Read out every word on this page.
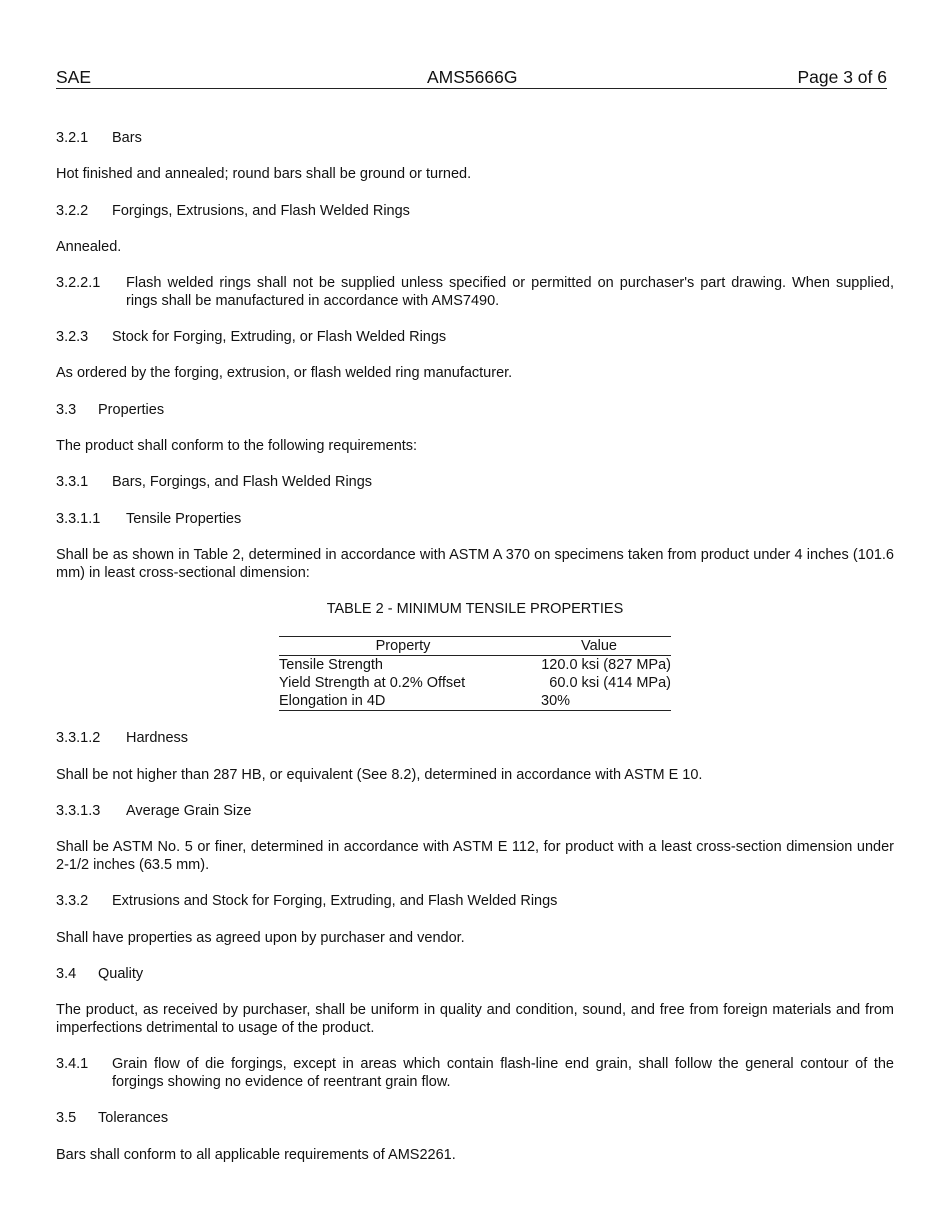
SAE	AMS5666G	Page 3 of 6
3.2.1 Bars
Hot finished and annealed; round bars shall be ground or turned.
3.2.2 Forgings, Extrusions, and Flash Welded Rings
Annealed.
3.2.2.1 Flash welded rings shall not be supplied unless specified or permitted on purchaser's part drawing. When supplied, rings shall be manufactured in accordance with AMS7490.
3.2.3 Stock for Forging, Extruding, or Flash Welded Rings
As ordered by the forging, extrusion, or flash welded ring manufacturer.
3.3 Properties
The product shall conform to the following requirements:
3.3.1 Bars, Forgings, and Flash Welded Rings
3.3.1.1 Tensile Properties
Shall be as shown in Table 2, determined in accordance with ASTM A 370 on specimens taken from product under 4 inches (101.6 mm) in least cross-sectional dimension:
TABLE 2 - MINIMUM TENSILE PROPERTIES
Property	Value
Tensile Strength	120.0 ksi (827 MPa)
Yield Strength at 0.2% Offset	60.0 ksi (414 MPa)
Elongation in 4D	30%
3.3.1.2 Hardness
Shall be not higher than 287 HB, or equivalent (See 8.2), determined in accordance with ASTM E 10.
3.3.1.3 Average Grain Size
Shall be ASTM No. 5 or finer, determined in accordance with ASTM E 112, for product with a least cross-section dimension under 2-1/2 inches (63.5 mm).
3.3.2 Extrusions and Stock for Forging, Extruding, and Flash Welded Rings
Shall have properties as agreed upon by purchaser and vendor.
3.4 Quality
The product, as received by purchaser, shall be uniform in quality and condition, sound, and free from foreign materials and from imperfections detrimental to usage of the product.
3.4.1 Grain flow of die forgings, except in areas which contain flash-line end grain, shall follow the general contour of the forgings showing no evidence of reentrant grain flow.
3.5 Tolerances
Bars shall conform to all applicable requirements of AMS2261.
